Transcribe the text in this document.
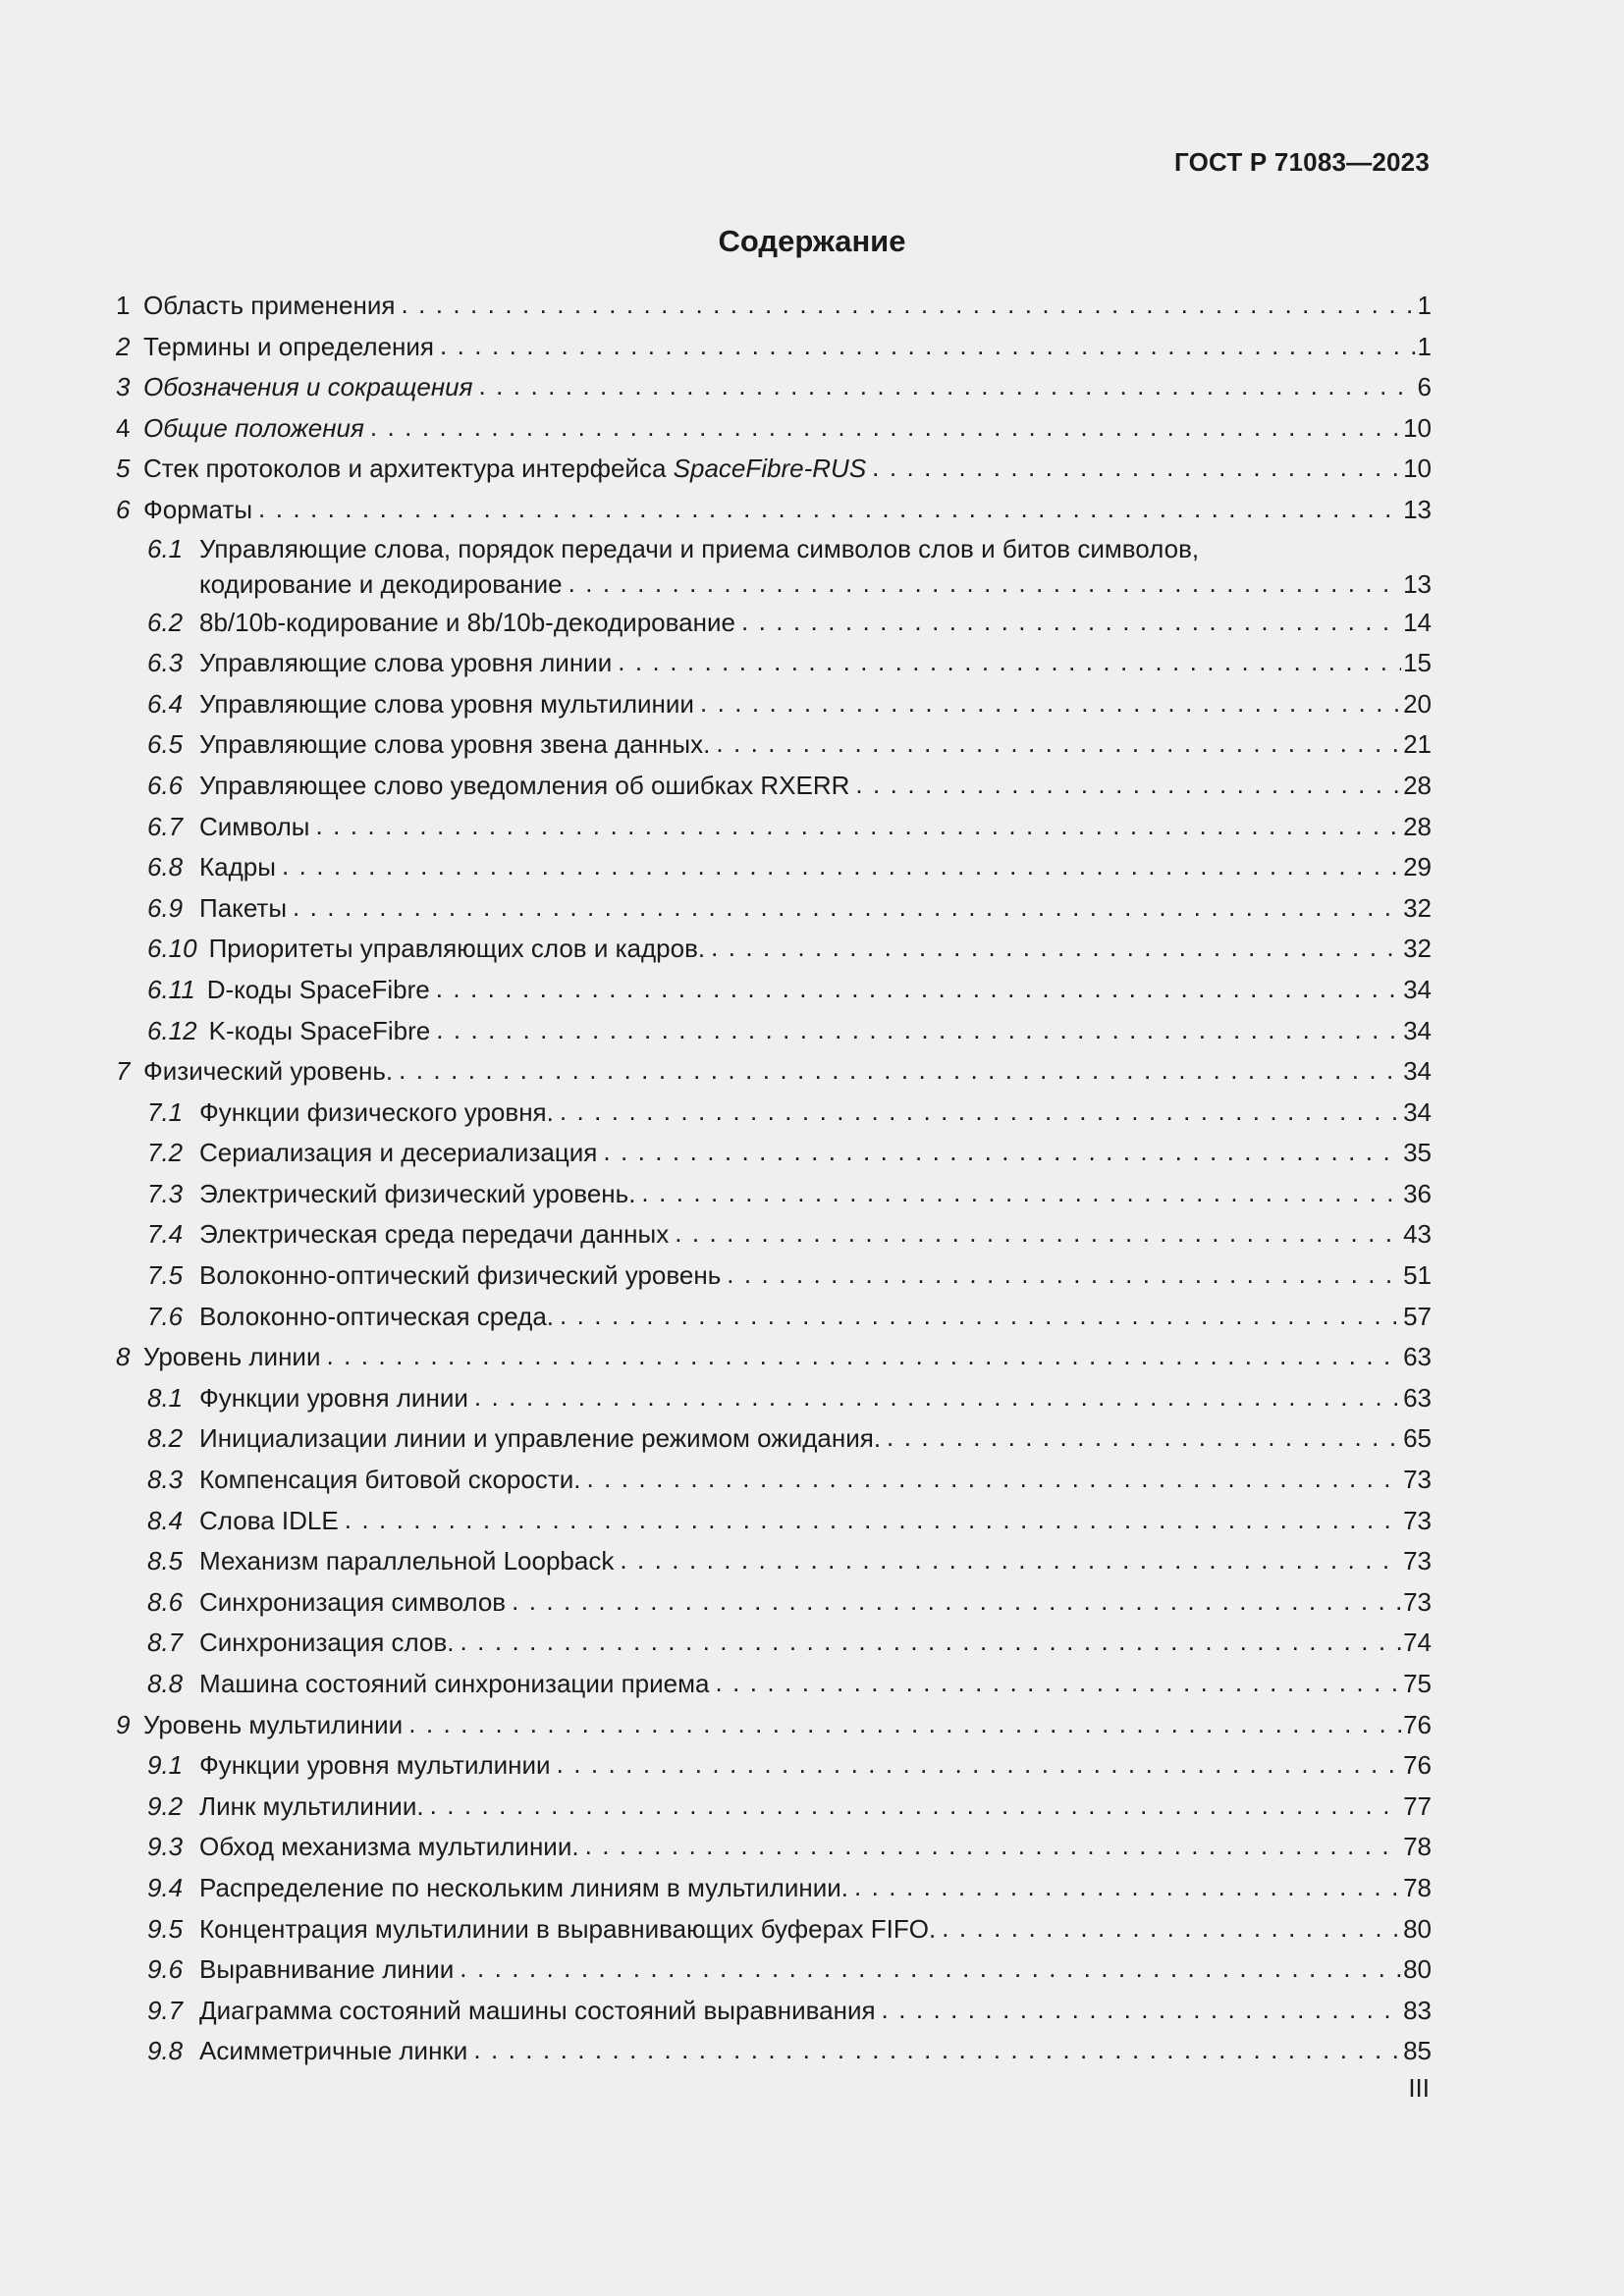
ГОСТ Р 71083—2023
Содержание
1 Область применения . . .	1
2 Термины и определения . . .	1
3 Обозначения и сокращения . . .	6
4 Общие положения . . .	10
5 Стек протоколов и архитектура интерфейса SpaceFibre-RUS . . .	10
6 Форматы . . .	13
6.1 Управляющие слова, порядок передачи и приема символов слов и битов символов,
кодирование и декодирование . . .	13
6.2 8b/10b-кодирование и 8b/10b-декодирование . . .	14
6.3 Управляющие слова уровня линии . . .	15
6.4 Управляющие слова уровня мультилинии . . .	20
6.5 Управляющие слова уровня звена данных. . . .	21
6.6 Управляющее слово уведомления об ошибках RXERR . . .	28
6.7 Символы . . .	28
6.8 Кадры . . .	29
6.9 Пакеты . . .	32
6.10 Приоритеты управляющих слов и кадров. . . .	32
6.11 D-коды SpaceFibre . . .	34
6.12 K-коды SpaceFibre . . .	34
7 Физический уровень. . . .	34
7.1 Функции физического уровня. . . .	34
7.2 Сериализация и десериализация . . .	35
7.3 Электрический физический уровень. . . .	36
7.4 Электрическая среда передачи данных . . .	43
7.5 Волоконно-оптический физический уровень . . .	51
7.6 Волоконно-оптическая среда. . . .	57
8 Уровень линии . . .	63
8.1 Функции уровня линии . . .	63
8.2 Инициализации линии и управление режимом ожидания. . . .	65
8.3 Компенсация битовой скорости. . . .	73
8.4 Слова IDLE . . .	73
8.5 Механизм параллельной Loopback . . .	73
8.6 Синхронизация символов . . .	73
8.7 Синхронизация слов. . . .	74
8.8 Машина состояний синхронизации приема . . .	75
9 Уровень мультилинии . . .	76
9.1 Функции уровня мультилинии . . .	76
9.2 Линк мультилинии. . . .	77
9.3 Обход механизма мультилинии. . . .	78
9.4 Распределение по нескольким линиям в мультилинии. . . .	78
9.5 Концентрация мультилинии в выравнивающих буферах FIFO. . . .	80
9.6 Выравнивание линии . . .	80
9.7 Диаграмма состояний машины состояний выравнивания . . .	83
9.8 Асимметричные линки . . .	85
III
